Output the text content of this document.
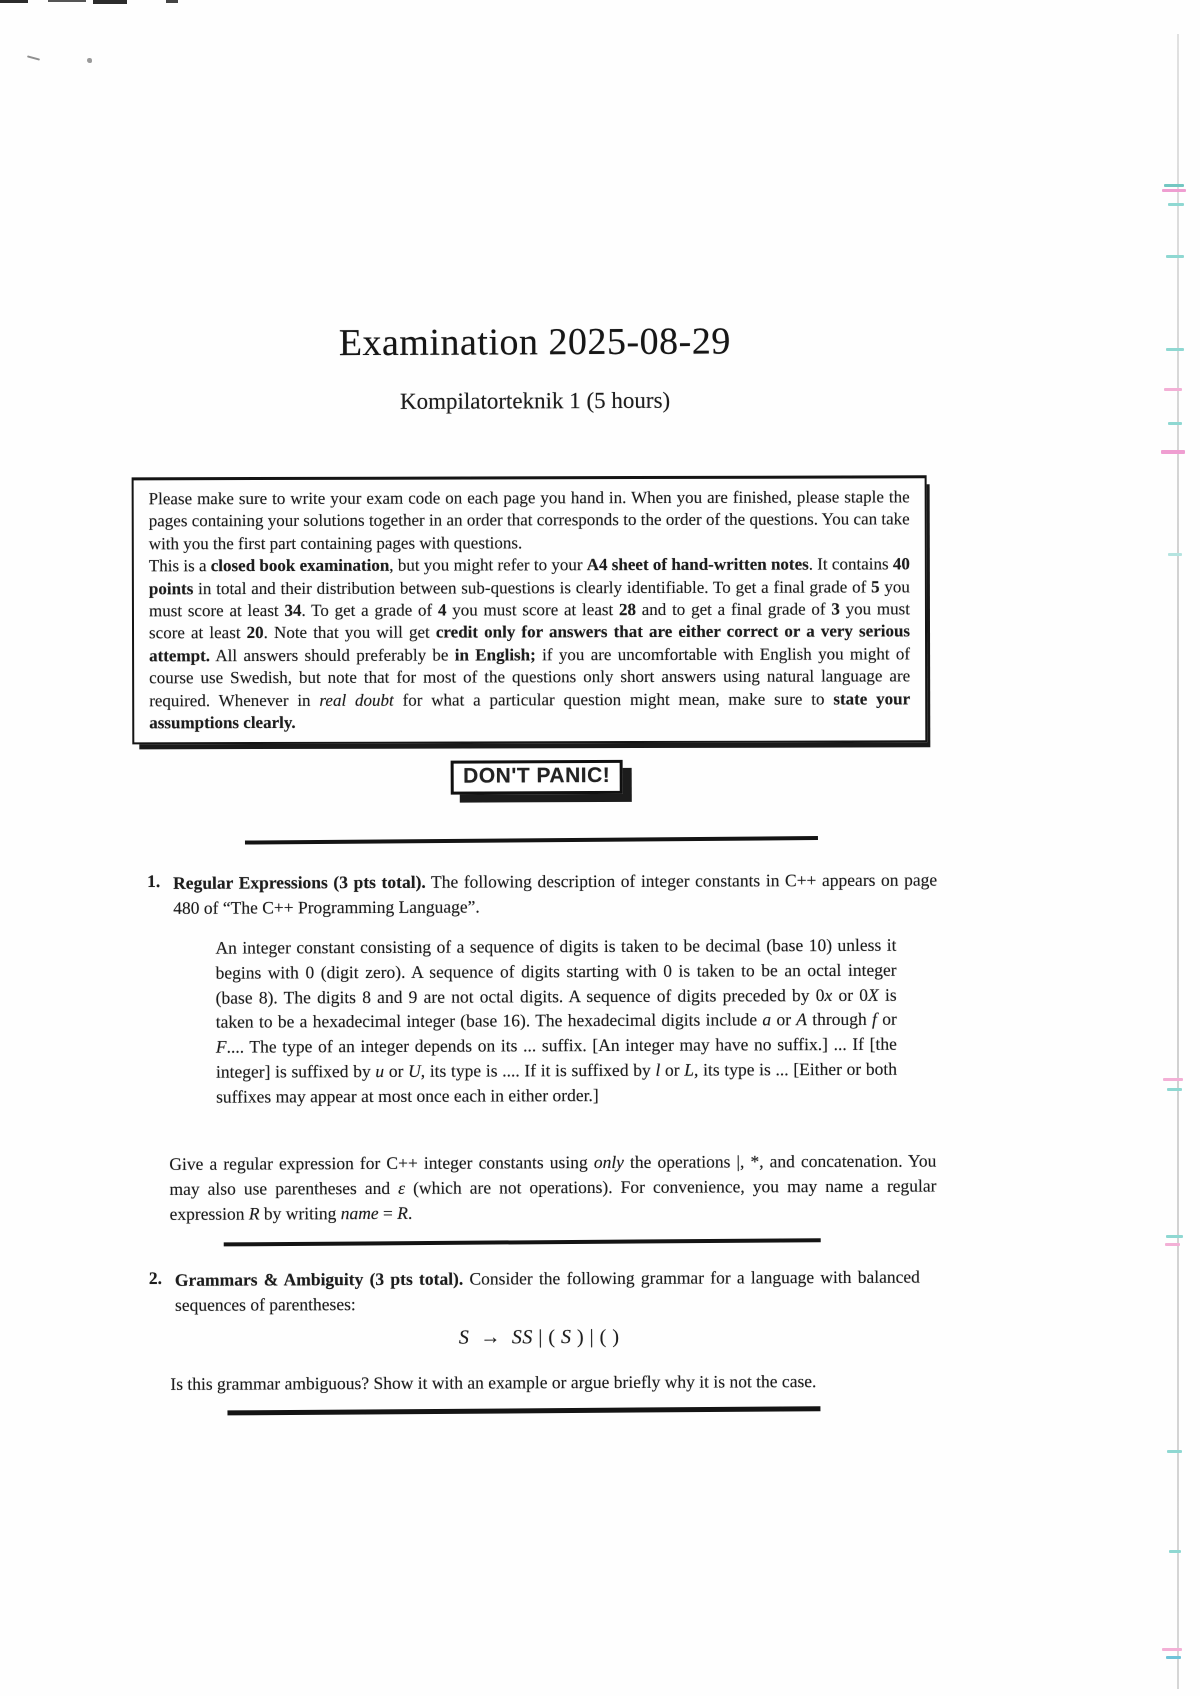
Examination 2025-08-29
Kompilatorteknik 1 (5 hours)

Please make sure to write your exam code on each page you hand in. When you are finished, please staple the pages containing your solutions together in an order that corresponds to the order of the questions. You can take with you the first part containing pages with questions.

This is a closed book examination, but you might refer to your A4 sheet of hand-written notes. It contains 40 points in total and their distribution between sub-questions is clearly identifiable. To get a final grade of 5 you must score at least 34. To get a grade of 4 you must score at least 28 and to get a final grade of 3 you must score at least 20. Note that you will get credit only for answers that are either correct or a very serious attempt. All answers should preferably be in English; if you are uncomfortable with English you might of course use Swedish, but note that for most of the questions only short answers using natural language are required. Whenever in real doubt for what a particular question might mean, make sure to state your assumptions clearly.

DON'T PANIC!
1. Regular Expressions (3 pts total). The following description of integer constants in C++ appears on page 480 of “The C++ Programming Language”.

An integer constant consisting of a sequence of digits is taken to be decimal (base 10) unless it begins with 0 (digit zero). A sequence of digits starting with 0 is taken to be an octal integer (base 8). The digits 8 and 9 are not octal digits. A sequence of digits preceded by 0x or 0X is taken to be a hexadecimal integer (base 16). The hexadecimal digits include a or A through f or F.... The type of an integer depends on its ... suffix. [An integer may have no suffix.] ... If [the integer] is suffixed by u or U, its type is .... If it is suffixed by l or L, its type is ... [Either or both suffixes may appear at most once each in either order.]

Give a regular expression for C++ integer constants using only the operations |, *, and concatenation. You may also use parentheses and ε (which are not operations). For convenience, you may name a regular expression R by writing name = R.

2. Grammars & Ambiguity (3 pts total). Consider the following grammar for a language with balanced sequences of parentheses:

S  →  SS | ( S ) | ( )

Is this grammar ambiguous? Show it with an example or argue briefly why it is not the case.
